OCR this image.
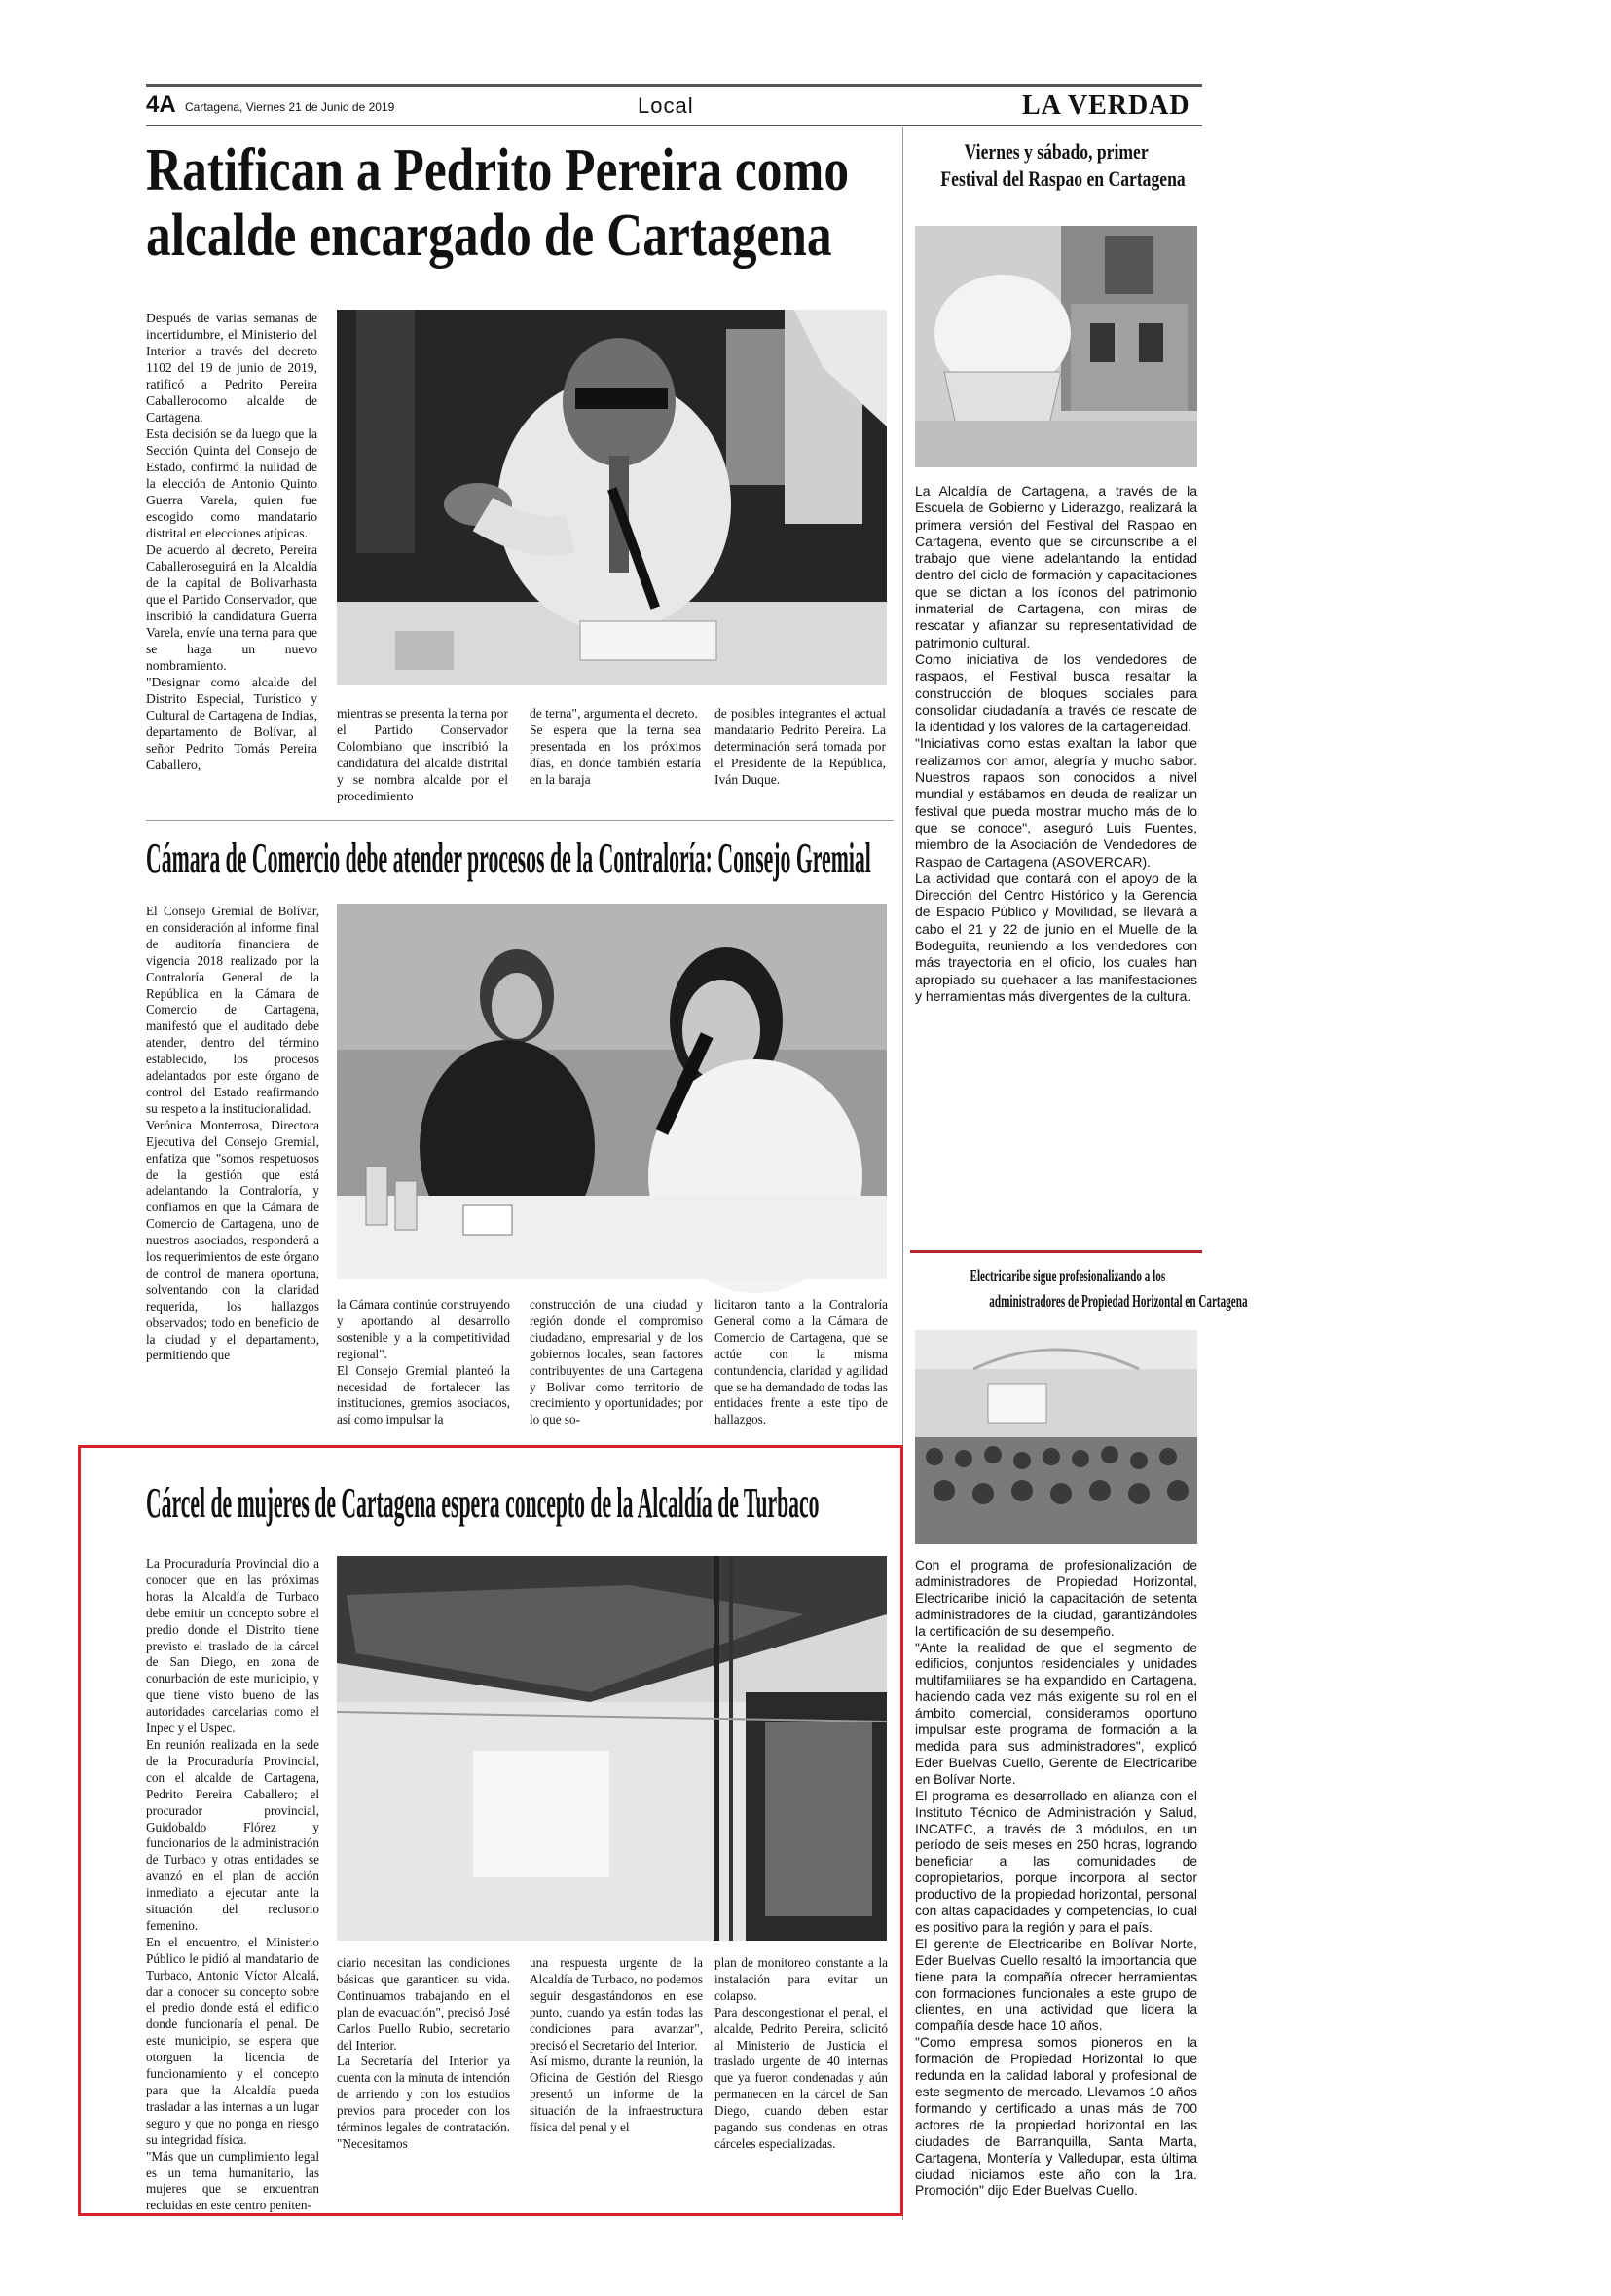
4A Cartagena, Viernes 21 de Junio de 2019	Local	LA VERDAD
Ratifican a Pedrito Pereira como
alcalde encargado de Cartagena

Después de varias semanas de incertidumbre, el Ministerio del Interior a través del decreto 1102 del 19 de junio de 2019, ratificó a Pedrito Pereira Caballerocomo alcalde de Cartagena.
Esta decisión se da luego que la Sección Quinta del Consejo de Estado, confirmó la nulidad de la elección de Antonio Quinto Guerra Varela, quien fue escogido como mandatario distrital en elecciones atípicas.
De acuerdo al decreto, Pereira Caballeroseguirá en la Alcaldía de la capital de Bolivarhasta que el Partido Conservador, que inscribió la candidatura Guerra Varela, envíe una terna para que se haga un nuevo nombramiento.
"Designar como alcalde del Distrito Especial, Turístico y Cultural de Cartagena de Indias, departamento de Bolívar, al señor Pedrito Tomás Pereira Caballero,

mientras se presenta la terna por el Partido Conservador Colombiano que inscribió la candidatura del alcalde distrital y se nombra alcalde por el procedimiento

de terna", argumenta el decreto.
Se espera que la terna sea presentada en los próximos días, en donde también estaría en la baraja

de posibles integrantes el actual mandatario Pedrito Pereira. La determinación será tomada por el Presidente de la República, Iván Duque.

Cámara de Comercio debe atender procesos de la Contraloría: Consejo Gremial

El Consejo Gremial de Bolívar, en consideración al informe final de auditoría financiera de vigencia 2018 realizado por la Contraloría General de la República en la Cámara de Comercio de Cartagena, manifestó que el auditado debe atender, dentro del término establecido, los procesos adelantados por este órgano de control del Estado reafirmando su respeto a la institucionalidad.
Verónica Monterrosa, Directora Ejecutiva del Consejo Gremial, enfatiza que "somos respetuosos de la gestión que está adelantando la Contraloría, y confiamos en que la Cámara de Comercio de Cartagena, uno de nuestros asociados, responderá a los requerimientos de este órgano de control de manera oportuna, solventando con la claridad requerida, los hallazgos observados; todo en beneficio de la ciudad y el departamento, permitiendo que

la Cámara continúe construyendo y aportando al desarrollo sostenible y a la competitividad regional".
El Consejo Gremial planteó la necesidad de fortalecer las instituciones, gremios asociados, así como impulsar la

construcción de una ciudad y región donde el compromiso ciudadano, empresarial y de los gobiernos locales, sean factores contribuyentes de una Cartagena y Bolívar como territorio de crecimiento y oportunidades; por lo que so-

licitaron tanto a la Contraloría General como a la Cámara de Comercio de Cartagena, que se actúe con la misma contundencia, claridad y agilidad que se ha demandado de todas las entidades frente a este tipo de hallazgos.

Cárcel de mujeres de Cartagena espera concepto de la Alcaldía de Turbaco

La Procuraduría Provincial dio a conocer que en las próximas horas la Alcaldía de Turbaco debe emitir un concepto sobre el predio donde el Distrito tiene previsto el traslado de la cárcel de San Diego, en zona de conurbación de este municipio, y que tiene visto bueno de las autoridades carcelarias como el Inpec y el Uspec.
En reunión realizada en la sede de la Procuraduría Provincial, con el alcalde de Cartagena, Pedrito Pereira Caballero; el procurador provincial, Guidobaldo Flórez y funcionarios de la administración de Turbaco y otras entidades se avanzó en el plan de acción inmediato a ejecutar ante la situación del reclusorio femenino.
En el encuentro, el Ministerio Público le pidió al mandatario de Turbaco, Antonio Víctor Alcalá, dar a conocer su concepto sobre el predio donde está el edificio donde funcionaría el penal. De este municipio, se espera que otorguen la licencia de funcionamiento y el concepto para que la Alcaldía pueda trasladar a las internas a un lugar seguro y que no ponga en riesgo su integridad física.
"Más que un cumplimiento legal es un tema humanitario, las mujeres que se encuentran recluidas en este centro peniten-

ciario necesitan las condiciones básicas que garanticen su vida. Continuamos trabajando en el plan de evacuación", precisó José Carlos Puello Rubio, secretario del Interior.
La Secretaría del Interior ya cuenta con la minuta de intención de arriendo y con los estudios previos para proceder con los términos legales de contratación. "Necesitamos

una respuesta urgente de la Alcaldía de Turbaco, no podemos seguir desgastándonos en ese punto, cuando ya están todas las condiciones para avanzar", precisó el Secretario del Interior.
Así mismo, durante la reunión, la Oficina de Gestión del Riesgo presentó un informe de la situación de la infraestructura física del penal y el

plan de monitoreo constante a la instalación para evitar un colapso.
Para descongestionar el penal, el alcalde, Pedrito Pereira, solicitó al Ministerio de Justicia el traslado urgente de 40 internas que ya fueron condenadas y aún permanecen en la cárcel de San Diego, cuando deben estar pagando sus condenas en otras cárceles especializadas.

Viernes y sábado, primer
Festival del Raspao en Cartagena

La Alcaldía de Cartagena, a través de la Escuela de Gobierno y Liderazgo, realizará la primera versión del Festival del Raspao en Cartagena, evento que se circunscribe a el trabajo que viene adelantando la entidad dentro del ciclo de formación y capacitaciones que se dictan a los íconos del patrimonio inmaterial de Cartagena, con miras de rescatar y afianzar su representatividad de patrimonio cultural.
Como iniciativa de los vendedores de raspaos, el Festival busca resaltar la construcción de bloques sociales para consolidar ciudadanía a través de rescate de la identidad y los valores de la cartageneidad.
"Iniciativas como estas exaltan la labor que realizamos con amor, alegría y mucho sabor. Nuestros rapaos son conocidos a nivel mundial y estábamos en deuda de realizar un festival que pueda mostrar mucho más de lo que se conoce", aseguró Luis Fuentes, miembro de la Asociación de Vendedores de Raspao de Cartagena (ASOVERCAR).
La actividad que contará con el apoyo de la Dirección del Centro Histórico y la Gerencia de Espacio Público y Movilidad, se llevará a cabo el 21 y 22 de junio en el Muelle de la Bodeguita, reuniendo a los vendedores con más trayectoria en el oficio, los cuales han apropiado su quehacer a las manifestaciones y herramientas más divergentes de la cultura.

Electricaribe sigue profesionalizando a los
administradores de Propiedad Horizontal en Cartagena

Con el programa de profesionalización de administradores de Propiedad Horizontal, Electricaribe inició la capacitación de setenta administradores de la ciudad, garantizándoles la certificación de su desempeño.
"Ante la realidad de que el segmento de edificios, conjuntos residenciales y unidades multifamiliares se ha expandido en Cartagena, haciendo cada vez más exigente su rol en el ámbito comercial, consideramos oportuno impulsar este programa de formación a la medida para sus administradores", explicó Eder Buelvas Cuello, Gerente de Electricaribe en Bolívar Norte.
El programa es desarrollado en alianza con el Instituto Técnico de Administración y Salud, INCATEC, a través de 3 módulos, en un período de seis meses en 250 horas, logrando beneficiar a las comunidades de copropietarios, porque incorpora al sector productivo de la propiedad horizontal, personal con altas capacidades y competencias, lo cual es positivo para la región y para el país.
El gerente de Electricaribe en Bolívar Norte, Eder Buelvas Cuello resaltó la importancia que tiene para la compañía ofrecer herramientas con formaciones funcionales a este grupo de clientes, en una actividad que lidera la compañía desde hace 10 años.
"Como empresa somos pioneros en la formación de Propiedad Horizontal lo que redunda en la calidad laboral y profesional de este segmento de mercado. Llevamos 10 años formando y certificado a unas más de 700 actores de la propiedad horizontal en las ciudades de Barranquilla, Santa Marta, Cartagena, Montería y Valledupar, esta última ciudad iniciamos este año con la 1ra. Promoción" dijo Eder Buelvas Cuello.
